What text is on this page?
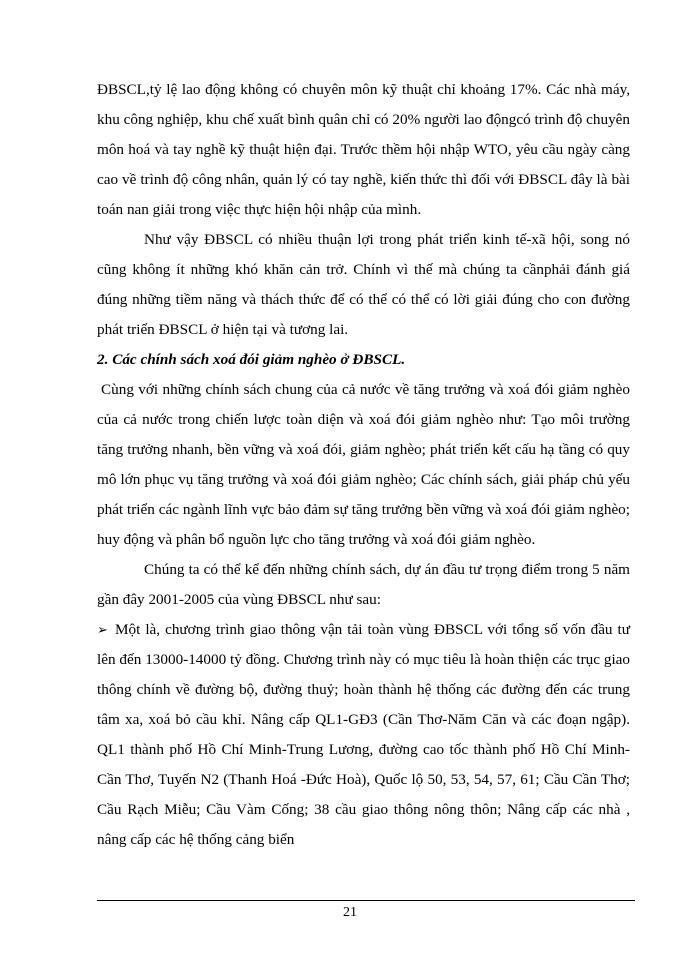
ĐBSCL,tỷ lệ lao động không có chuyên môn kỹ thuật chỉ khoảng 17%. Các nhà máy, khu công nghiệp, khu chế xuất bình quân chỉ có 20% người lao độngcó trình độ chuyên môn hoá và tay nghề kỹ thuật hiện đại. Trước thềm hội nhập WTO, yêu cầu ngày càng cao về trình độ công nhân, quản lý có tay nghề, kiến thức thì đối với ĐBSCL đây là bài toán nan giải trong việc thực hiện hội nhập của mình.

Như vậy ĐBSCL có nhiều thuận lợi trong phát triển kinh tế-xã hội, song nó cũng không ít những khó khăn cản trở. Chính vì thế mà chúng ta cầnphải đánh giá đúng những tiềm năng và thách thức để có thể có thể có lời giải đúng cho con đường phát triển ĐBSCL ở hiện tại và tương lai.

2. Các chính sách xoá đói giảm nghèo ở ĐBSCL.

Cùng với những chính sách chung của cả nước về tăng trưởng và xoá đói giảm nghèo của cả nước trong chiến lược toàn diện và xoá đói giảm nghèo như: Tạo môi trường tăng trưởng nhanh, bền vững và xoá đói, giảm nghèo; phát triển kết cấu hạ tầng có quy mô lớn phục vụ tăng trưởng và xoá đói giảm nghèo; Các chính sách, giải pháp chủ yếu phát triển các ngành lĩnh vực bảo đảm sự tăng trưởng bền vững và xoá đói giảm nghèo; huy động và phân bổ nguồn lực cho tăng trưởng và xoá đói giảm nghèo.

Chúng ta có thể kể đến những chính sách, dự án đầu tư trọng điểm trong 5 năm gần đây 2001-2005 của vùng ĐBSCL như sau:

➢ Một là, chương trình giao thông vận tải toàn vùng ĐBSCL với tổng số vốn đầu tư lên đến 13000-14000 tỷ đồng. Chương trình này có mục tiêu là hoàn thiện các trục giao thông chính về đường bộ, đường thuỷ; hoàn thành hệ thống các đường đến các trung tâm xa, xoá bỏ cầu khỉ. Nâng cấp QL1-GĐ3 (Cần Thơ-Năm Căn và các đoạn ngập). QL1 thành phố Hồ Chí Minh-Trung Lương, đường cao tốc thành phố Hồ Chí Minh- Cần Thơ, Tuyến N2 (Thanh Hoá -Đức Hoà), Quốc lộ 50, 53, 54, 57, 61; Cầu Cần Thơ; Cầu Rạch Miễu; Cầu Vàm Cống; 38 cầu giao thông nông thôn; Nâng cấp các nhà , nâng cấp các hệ thống cảng biển

21
